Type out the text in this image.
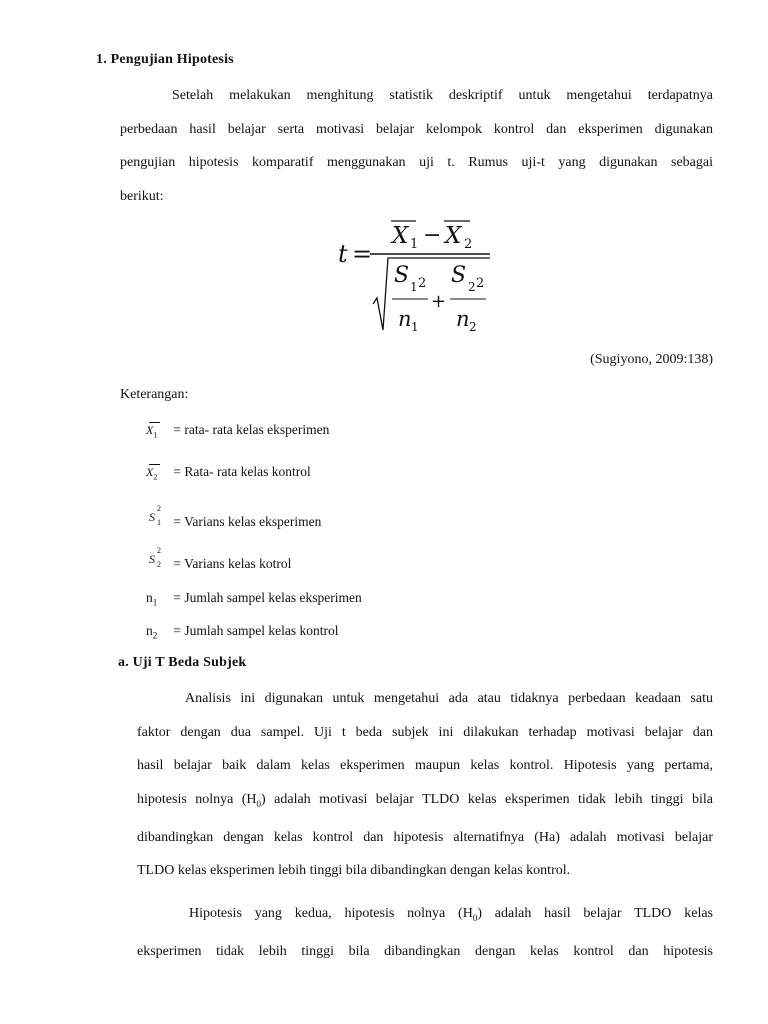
1. Pengujian Hipotesis
Setelah melakukan menghitung statistik deskriptif untuk mengetahui terdapatnya
perbedaan hasil belajar serta motivasi belajar kelompok kontrol dan eksperimen digunakan
pengujian hipotesis komparatif menggunakan uji t. Rumus uji-t yang digunakan sebagai
berikut:
t =
X 1 − X 2
S 1 2
n 1
+
S 2 2
n 2
(Sugiyono, 2009:138)
Keterangan:
$X_1$ = rata- rata kelas eksperimen
$X_2$ = Rata- rata kelas kontrol
S
2
1 = Varians kelas eksperimen
S
2
2 = Varians kelas kotrol
$n_1$ = Jumlah sampel kelas eksperimen
$n_2$ = Jumlah sampel kelas kontrol
a. Uji T Beda Subjek
Analisis ini digunakan untuk mengetahui ada atau tidaknya perbedaan keadaan satu
faktor dengan dua sampel. Uji t beda subjek ini dilakukan terhadap motivasi belajar dan
hasil belajar baik dalam kelas eksperimen maupun kelas kontrol. Hipotesis yang pertama,
hipotesis nolnya $(H_0)$ adalah motivasi belajar TLDO kelas eksperimen tidak lebih tinggi bila
dibandingkan dengan kelas kontrol dan hipotesis alternatifnya (Ha) adalah motivasi belajar
TLDO kelas eksperimen lebih tinggi bila dibandingkan dengan kelas kontrol.
Hipotesis yang kedua, hipotesis nolnya $(H_0)$ adalah hasil belajar TLDO kelas
eksperimen tidak lebih tinggi bila dibandingkan dengan kelas kontrol dan hipotesis
